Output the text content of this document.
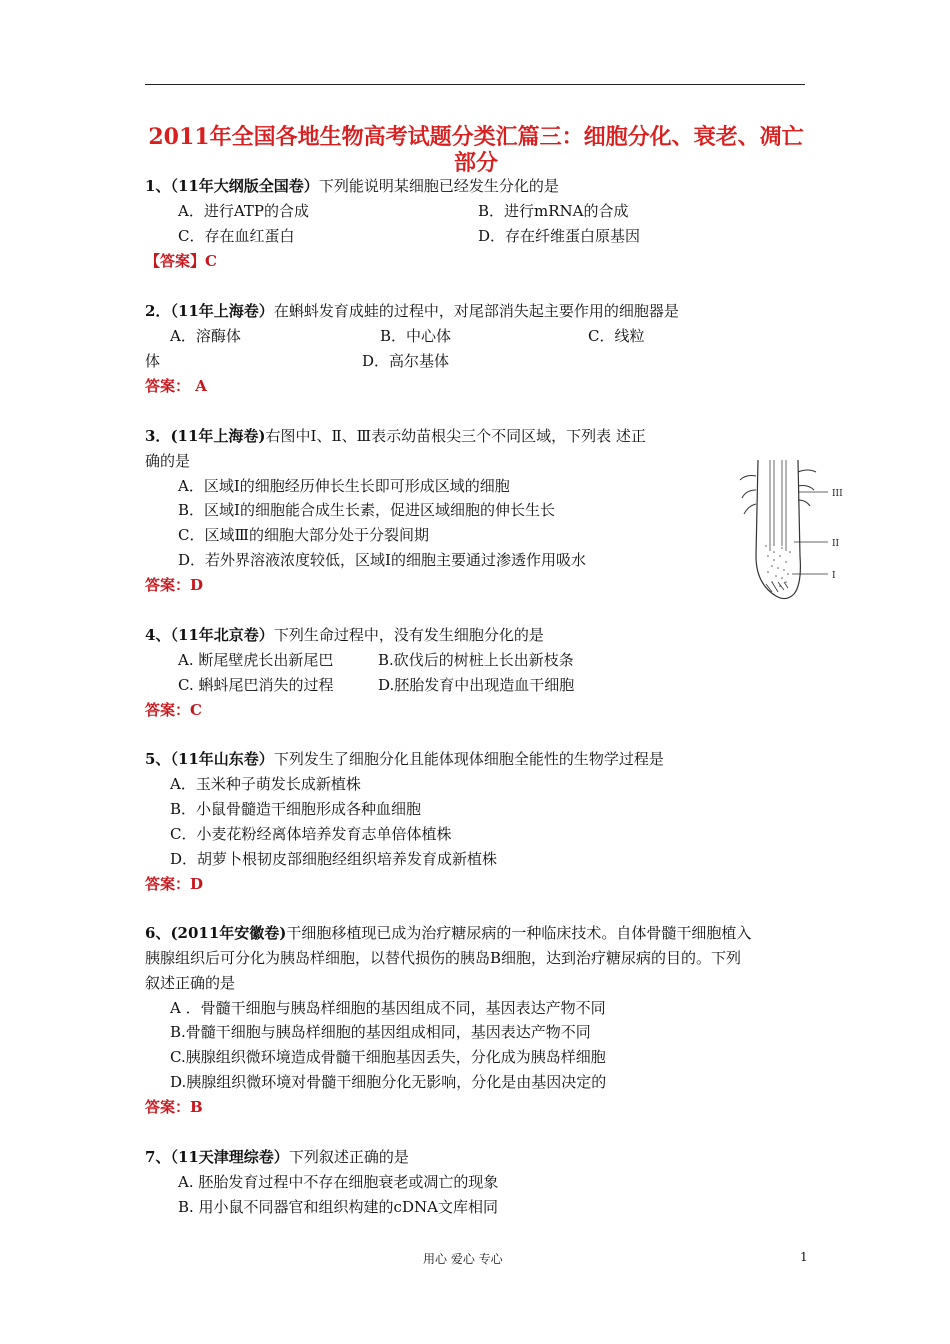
2011年全国各地生物高考试题分类汇篇三：细胞分化、衰老、凋亡部分
1、（11年大纲版全国卷）下列能说明某细胞已经发生分化的是
A．进行ATP的合成	B．进行mRNA的合成
C．存在血红蛋白	D．存在纤维蛋白原基因
【答案】C
2．（11年上海卷）在蝌蚪发育成蛙的过程中，对尾部消失起主要作用的细胞器是
A．溶酶体	B．中心体	C．线粒
体	D．高尔基体
答案： A
3．(11年上海卷)右图中Ⅰ、Ⅱ、Ⅲ表示幼苗根尖三个不同区域，下列表 述正
确的是
A．区域Ⅰ的细胞经历伸长生长即可形成区域的细胞
B．区域Ⅰ的细胞能合成生长素，促进区域细胞的伸长生长
C．区域Ⅲ的细胞大部分处于分裂间期
D．若外界溶液浓度较低，区域Ⅰ的细胞主要通过渗透作用吸水
答案：D
III
II
I
4、（11年北京卷）下列生命过程中，没有发生细胞分化的是
A. 断尾壁虎长出新尾巴	B.砍伐后的树桩上长出新枝条
C. 蝌蚪尾巴消失的过程	D.胚胎发育中出现造血干细胞
答案：C
5、（11年山东卷）下列发生了细胞分化且能体现体细胞全能性的生物学过程是
A．玉米种子萌发长成新植株
B．小鼠骨髓造干细胞形成各种血细胞
C．小麦花粉经离体培养发育志单倍体植株
D．胡萝卜根韧皮部细胞经组织培养发育成新植株
答案：D
6、(2011年安徽卷)干细胞移植现已成为治疗糖尿病的一种临床技术。自体骨髓干细胞植入
胰腺组织后可分化为胰岛样细胞，以替代损伤的胰岛B细胞，达到治疗糖尿病的目的。下列
叙述正确的是
A ．骨髓干细胞与胰岛样细胞的基因组成不同，基因表达产物不同
B.骨髓干细胞与胰岛样细胞的基因组成相同，基因表达产物不同
C.胰腺组织微环境造成骨髓干细胞基因丢失，分化成为胰岛样细胞
D.胰腺组织微环境对骨髓干细胞分化无影响，分化是由基因决定的
答案：B
7、（11天津理综卷）下列叙述正确的是
A. 胚胎发育过程中不存在细胞衰老或凋亡的现象
B. 用小鼠不同器官和组织构建的cDNA文库相同
用心 爱心 专心	1
